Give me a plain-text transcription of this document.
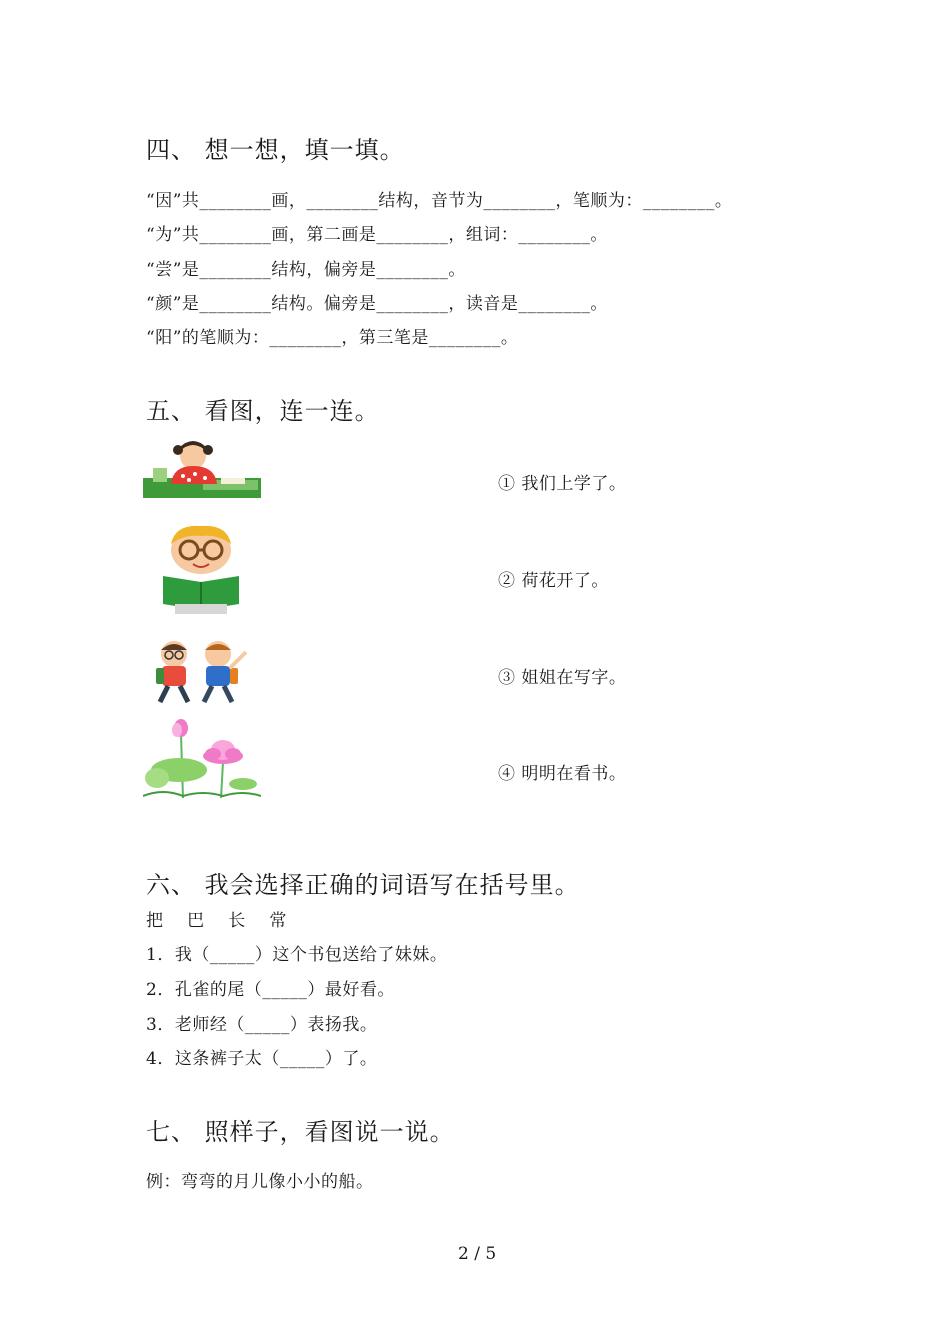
四、 想一想，填一填。
“因”共________画，________结构，音节为________，笔顺为：________。
“为”共________画，第二画是________，组词：________。
“尝”是________结构，偏旁是________。
“颜”是________结构。偏旁是________，读音是________。
“阳”的笔顺为：________，第三笔是________。
五、 看图，连一连。
① 我们上学了。
② 荷花开了。
③ 姐姐在写字。
④ 明明在看书。
六、 我会选择正确的词语写在括号里。
把    巴    长    常
1．我（_____）这个书包送给了妹妹。
2．孔雀的尾（_____）最好看。
3．老师经（_____）表扬我。
4．这条裤子太（_____）了。
七、 照样子，看图说一说。
例：弯弯的月儿像小小的船。
2 / 5
